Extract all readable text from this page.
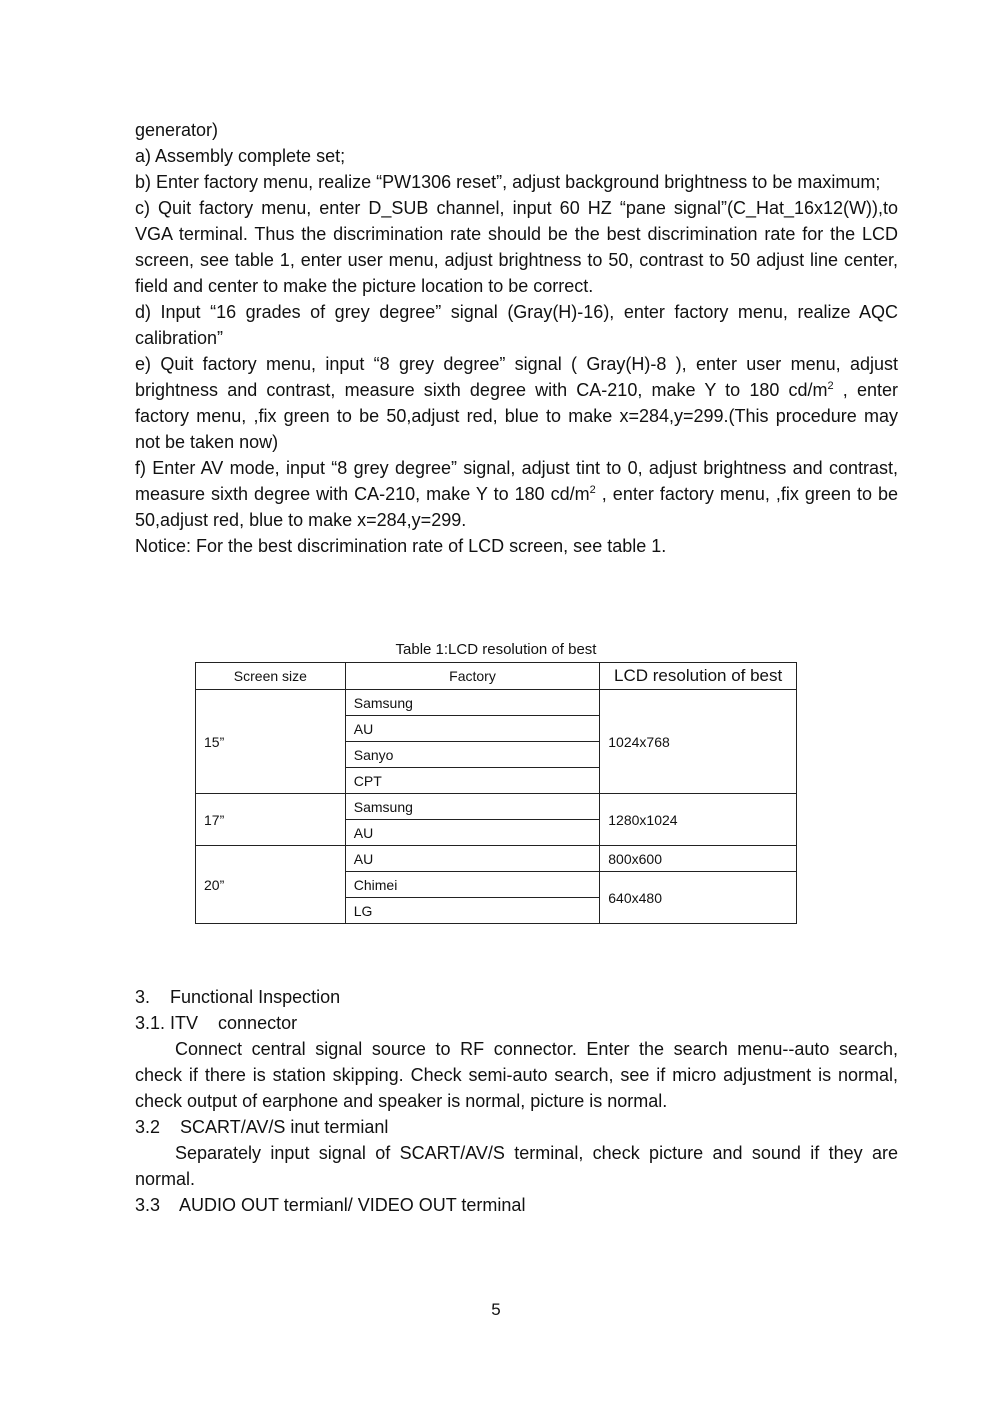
generator)

a) Assembly complete set;

b) Enter factory menu, realize “PW1306 reset”, adjust background brightness to be maximum;

c) Quit factory menu, enter D_SUB channel, input 60 HZ “pane signal”(C_Hat_16x12(W)),to VGA terminal. Thus the discrimination rate should be the best discrimination rate for the LCD screen, see table 1, enter user menu, adjust brightness to 50, contrast to 50 adjust line center, field and center to make the picture location to be correct.

d) Input “16 grades of grey degree” signal (Gray(H)-16), enter factory menu, realize AQC calibration”

e) Quit factory menu, input “8 grey degree” signal ( Gray(H)-8 ), enter user menu, adjust brightness and contrast, measure sixth degree with CA-210, make Y to 180 $cd/m^2$ , enter factory menu, ,fix green to be 50,adjust red, blue to make x=284,y=299.(This procedure may not be taken now)

f) Enter AV mode, input “8 grey degree” signal, adjust tint to 0, adjust brightness and contrast, measure sixth degree with CA-210, make Y to 180 $cd/m^2$ , enter factory menu, ,fix green to be 50,adjust red, blue to make x=284,y=299.

Notice: For the best discrimination rate of LCD screen, see table 1.

Table 1:LCD resolution of best
Screen size	Factory	LCD resolution of best
15”	Samsung	1024x768
	AU	
	Sanyo	
	CPT	
17”	Samsung	1280x1024
	AU	
20”	AU	800x600
	Chimei	640x480
	LG	

3.    Functional Inspection

3.1. ITV    connector

Connect central signal source to RF connector. Enter the search menu--auto search, check if there is station skipping. Check semi-auto search, see if micro adjustment is normal, check output of earphone and speaker is normal, picture is normal.

3.2    SCART/AV/S inut termianl

Separately input signal of SCART/AV/S terminal, check picture and sound if they are normal.

3.3    AUDIO OUT termianl/ VIDEO OUT terminal

5
